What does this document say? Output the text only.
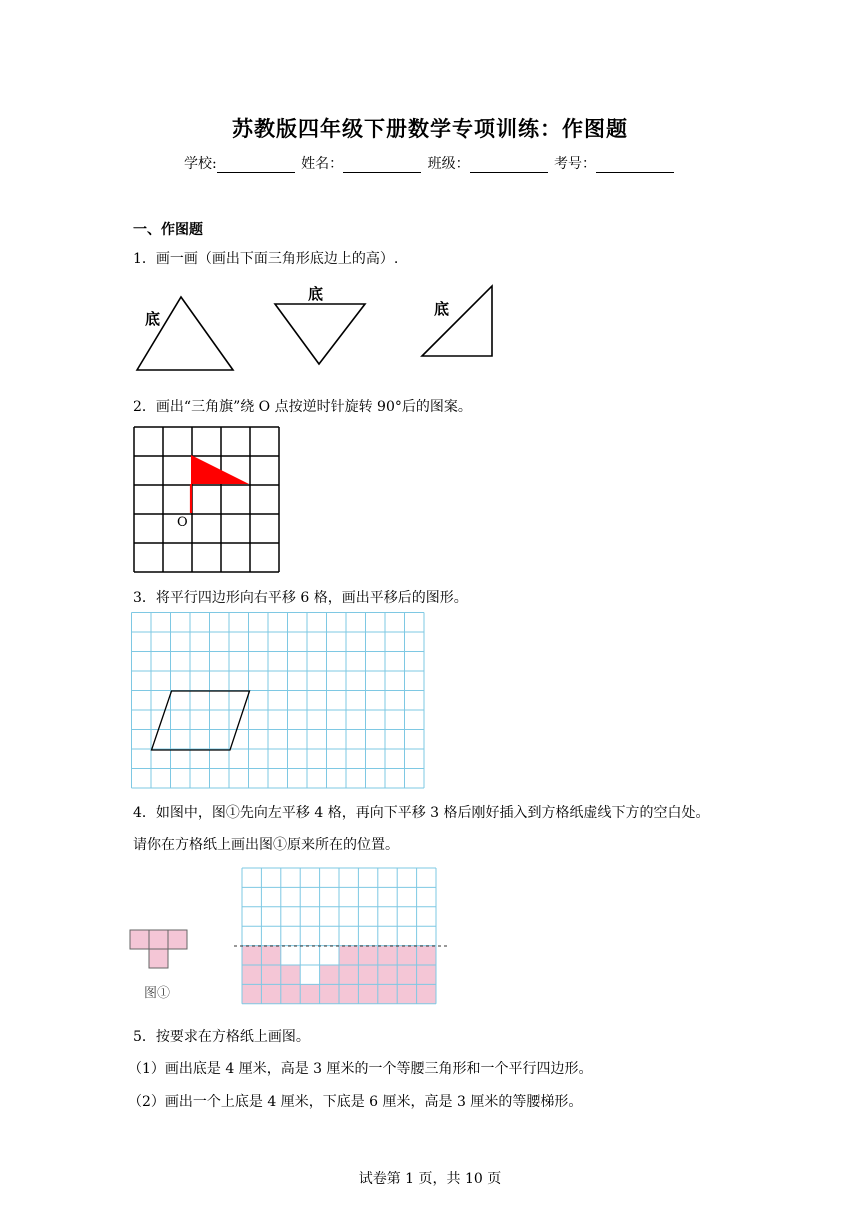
苏教版四年级下册数学专项训练：作图题
学校:	姓名：	班级：	考号：
一、作图题
1．画一画（画出下面三角形底边上的高）.
底
底
底
2．画出“三角旗”绕 O 点按逆时针旋转 90°后的图案。
O
3．将平行四边形向右平移 6 格，画出平移后的图形。
4．如图中，图①先向左平移 4 格，再向下平移 3 格后刚好插入到方格纸虚线下方的空白处。
请你在方格纸上画出图①原来所在的位置。
图①
5．按要求在方格纸上画图。
（1）画出底是 4 厘米，高是 3 厘米的一个等腰三角形和一个平行四边形。
（2）画出一个上底是 4 厘米，下底是 6 厘米，高是 3 厘米的等腰梯形。
试卷第 1 页，共 10 页
